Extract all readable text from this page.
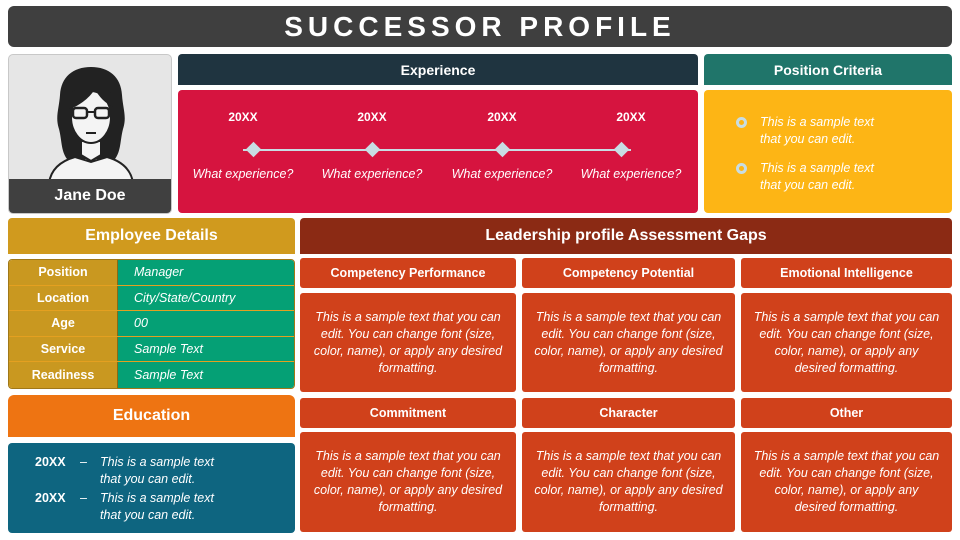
SUCCESSOR PROFILE
Jane Doe
Experience
20XX	20XX	20XX	20XX
What experience?	What experience?	What experience?	What experience?
Position Criteria
This is a sample text that you can edit.
This is a sample text that you can edit.
Employee Details
Position	Manager
Location	City/State/Country
Age	00
Service	Sample Text
Readiness	Sample Text
Education
20XX	–	This is a sample text that you can edit.
20XX	–	This is a sample text that you can edit.
Leadership profile Assessment Gaps
Competency Performance	Competency Potential	Emotional Intelligence
This is a sample text that you can edit. You can change font (size, color, name), or apply any desired formatting.
This is a sample text that you can edit. You can change font (size, color, name), or apply any desired formatting.
This is a sample text that you can edit. You can change font (size, color, name), or apply any desired formatting.
Commitment	Character	Other
This is a sample text that you can edit. You can change font (size, color, name), or apply any desired formatting.
This is a sample text that you can edit. You can change font (size, color, name), or apply any desired formatting.
This is a sample text that you can edit. You can change font (size, color, name), or apply any desired formatting.
